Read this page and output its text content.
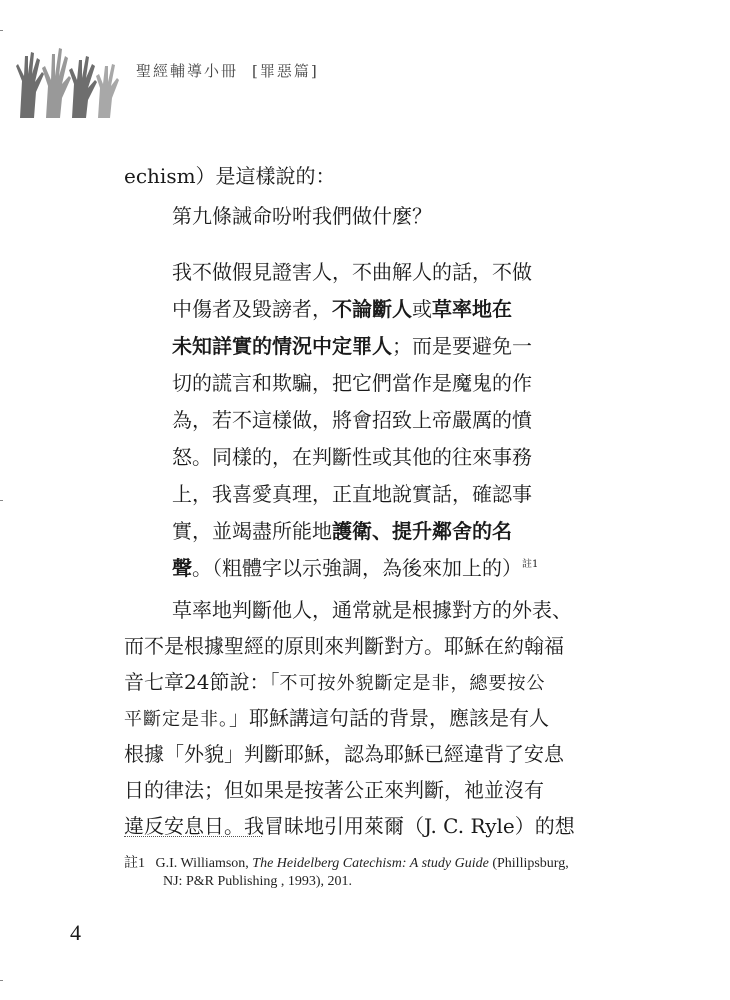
聖經輔導小冊 [罪惡篇]
echism）是這樣說的：
第九條誡命吩咐我們做什麼？
我不做假見證害人，不曲解人的話，不做
中傷者及毀謗者，不論斷人或草率地在
未知詳實的情況中定罪人；而是要避免一
切的謊言和欺騙，把它們當作是魔鬼的作
為，若不這樣做，將會招致上帝嚴厲的憤
怒。同樣的，在判斷性或其他的往來事務
上，我喜愛真理，正直地說實話，確認事
實，並竭盡所能地護衛、提升鄰舍的名
聲。（粗體字以示強調，為後來加上的）$^{註1}$
草率地判斷他人，通常就是根據對方的外表、
而不是根據聖經的原則來判斷對方。耶穌在約翰福
音七章24節說：「不可按外貌斷定是非，總要按公
平斷定是非。」耶穌講這句話的背景，應該是有人
根據「外貌」判斷耶穌，認為耶穌已經違背了安息
日的律法；但如果是按著公正來判斷，祂並沒有
違反安息日。我冒昧地引用萊爾（J. C. Ryle）的想
註1 G.I. Williamson, The Heidelberg Catechism: A study Guide (Phillipsburg,
NJ: P&R Publishing , 1993), 201.
4
